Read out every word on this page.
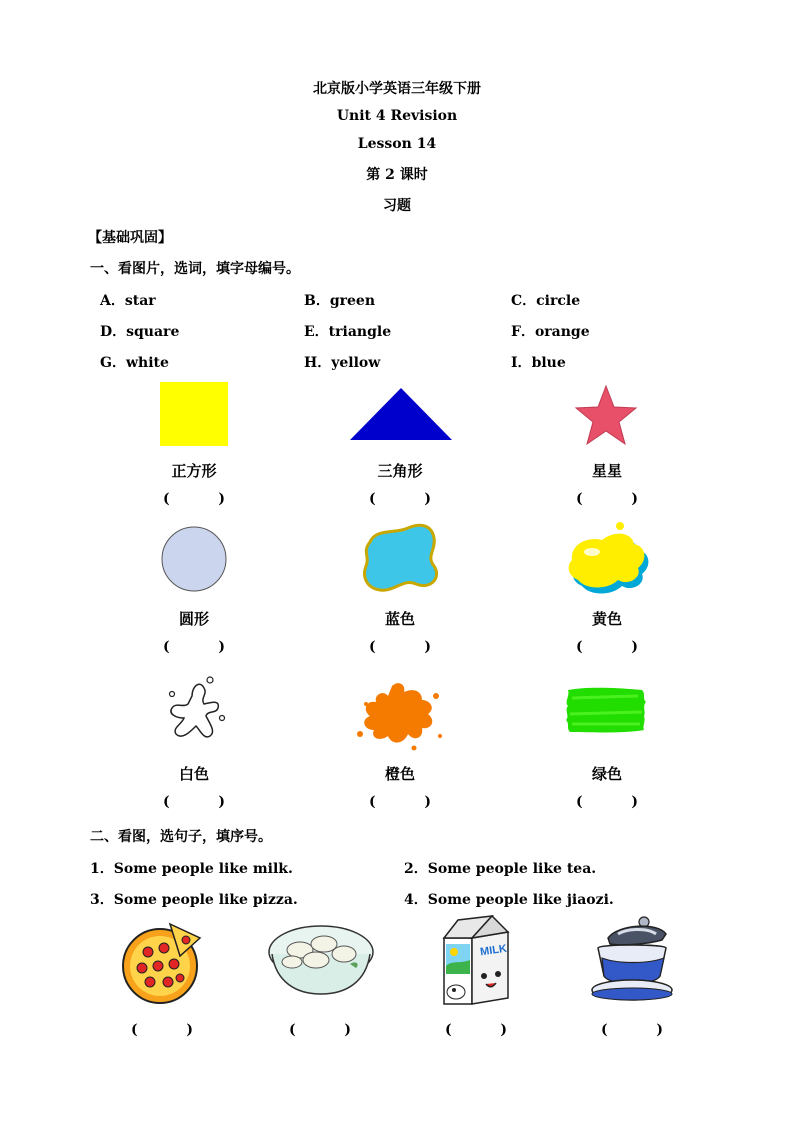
北京版小学英语三年级下册
Unit 4 Revision
Lesson 14
第 2 课时
习题
【基础巩固】
一、看图片，选词，填字母编号。
A．star	B．green	C．circle
D．square	E．triangle	F．orange
G．white	H．yellow	I．blue
正方形	三角形	星星
(          )	(          )	(          )
圆形	蓝色	黄色
(          )	(          )	(          )
白色	橙色	绿色
(          )	(          )	(          )
二、看图，选句子，填序号。
1．Some people like milk.	2．Some people like tea.
3．Some people like pizza.	4．Some people like jiaozi.
MILK
(          )	(          )	(          )	(          )
